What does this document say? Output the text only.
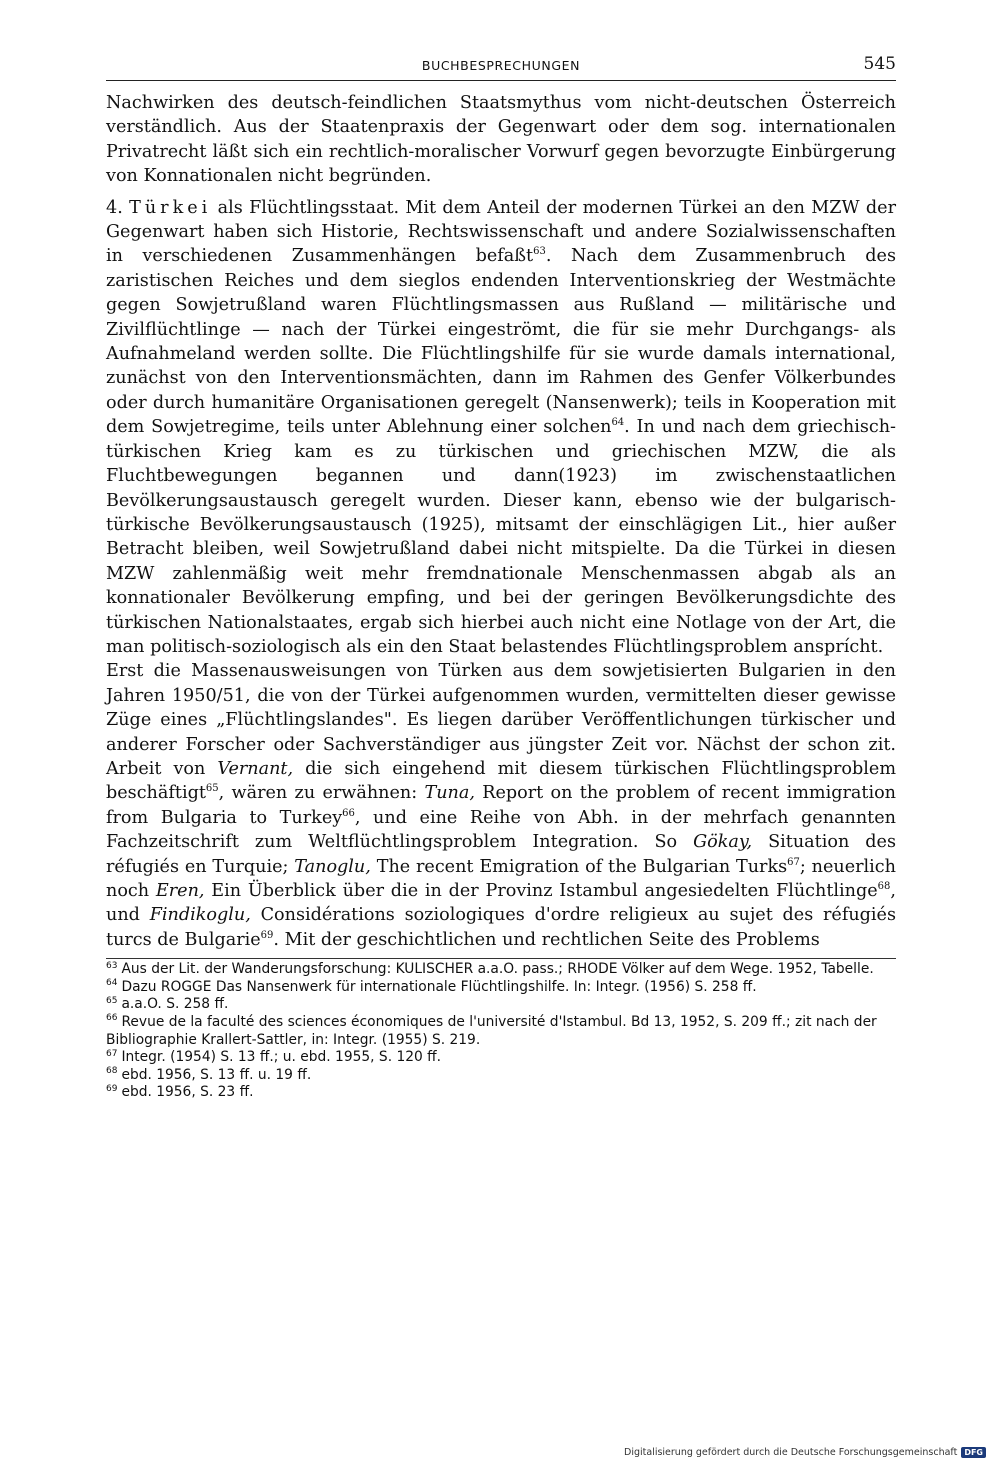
BUCHBESPRECHUNGEN	545

Nachwirken des deutsch-feindlichen Staatsmythus vom nicht-deutschen Österreich verständlich. Aus der Staatenpraxis der Gegenwart oder dem sog. internationalen Privatrecht läßt sich ein rechtlich-moralischer Vorwurf gegen bevorzugte Einbürgerung von Konnationalen nicht begründen.

4. Türkei als Flüchtlingsstaat. Mit dem Anteil der modernen Türkei an den MZW der Gegenwart haben sich Historie, Rechtswissenschaft und andere Sozialwissenschaften in verschiedenen Zusammenhängen befaßt$^{63}$. Nach dem Zusammenbruch des zaristischen Reiches und dem sieglos endenden Interventionskrieg der Westmächte gegen Sowjetrußland waren Flüchtlingsmassen aus Rußland — militärische und Zivilflüchtlinge — nach der Türkei eingeströmt, die für sie mehr Durchgangs- als Aufnahmeland werden sollte. Die Flüchtlingshilfe für sie wurde damals international, zunächst von den Interventionsmächten, dann im Rahmen des Genfer Völkerbundes oder durch humanitäre Organisationen geregelt (Nansenwerk); teils in Kooperation mit dem Sowjetregime, teils unter Ablehnung einer solchen$^{64}$. In und nach dem griechisch-türkischen Krieg kam es zu türkischen und griechischen MZW, die als Fluchtbewegungen begannen und dann(1923) im zwischenstaatlichen Bevölkerungsaustausch geregelt wurden. Dieser kann, ebenso wie der bulgarisch-türkische Bevölkerungsaustausch (1925), mitsamt der einschlägigen Lit., hier außer Betracht bleiben, weil Sowjetrußland dabei nicht mitspielte. Da die Türkei in diesen MZW zahlenmäßig weit mehr fremdnationale Menschenmassen abgab als an konnationaler Bevölkerung empfing, und bei der geringen Bevölkerungsdichte des türkischen Nationalstaates, ergab sich hierbei auch nicht eine Notlage von der Art, die man politisch-soziologisch als ein den Staat belastendes Flüchtlingsproblem ansprícht.

Erst die Massenausweisungen von Türken aus dem sowjetisierten Bulgarien in den Jahren 1950/51, die von der Türkei aufgenommen wurden, vermittelten dieser gewisse Züge eines „Flüchtlingslandes". Es liegen darüber Veröffentlichungen türkischer und anderer Forscher oder Sachverständiger aus jüngster Zeit vor. Nächst der schon zit. Arbeit von Vernant, die sich eingehend mit diesem türkischen Flüchtlingsproblem beschäftigt$^{65}$, wären zu erwähnen: Tuna, Report on the problem of recent immigration from Bulgaria to Turkey$^{66}$, und eine Reihe von Abh. in der mehrfach genannten Fachzeitschrift zum Weltflüchtlingsproblem Integration. So Gökay, Situation des réfugiés en Turquie; Tanoglu, The recent Emigration of the Bulgarian Turks$^{67}$; neuerlich noch Eren, Ein Überblick über die in der Provinz Istambul angesiedelten Flüchtlinge$^{68}$, und Findikoglu, Considérations soziologiques d'ordre religieux au sujet des réfugiés turcs de Bulgarie$^{69}$. Mit der geschichtlichen und rechtlichen Seite des Problems

$^{63}$ Aus der Lit. der Wanderungsforschung: KULISCHER a.a.O. pass.; RHODE Völker auf dem Wege. 1952, Tabelle.

$^{64}$ Dazu ROGGE Das Nansenwerk für internationale Flüchtlingshilfe. In: Integr. (1956) S. 258 ff.

$^{65}$ a.a.O. S. 258 ff.

$^{66}$ Revue de la faculté des sciences économiques de l'université d'Istambul. Bd 13, 1952, S. 209 ff.; zit nach der Bibliographie Krallert-Sattler, in: Integr. (1955) S. 219.

$^{67}$ Integr. (1954) S. 13 ff.; u. ebd. 1955, S. 120 ff.

$^{68}$ ebd. 1956, S. 13 ff. u. 19 ff.

$^{69}$ ebd. 1956, S. 23 ff.

Digitalisierung gefördert durch die Deutsche Forschungsgemeinschaft DFG
